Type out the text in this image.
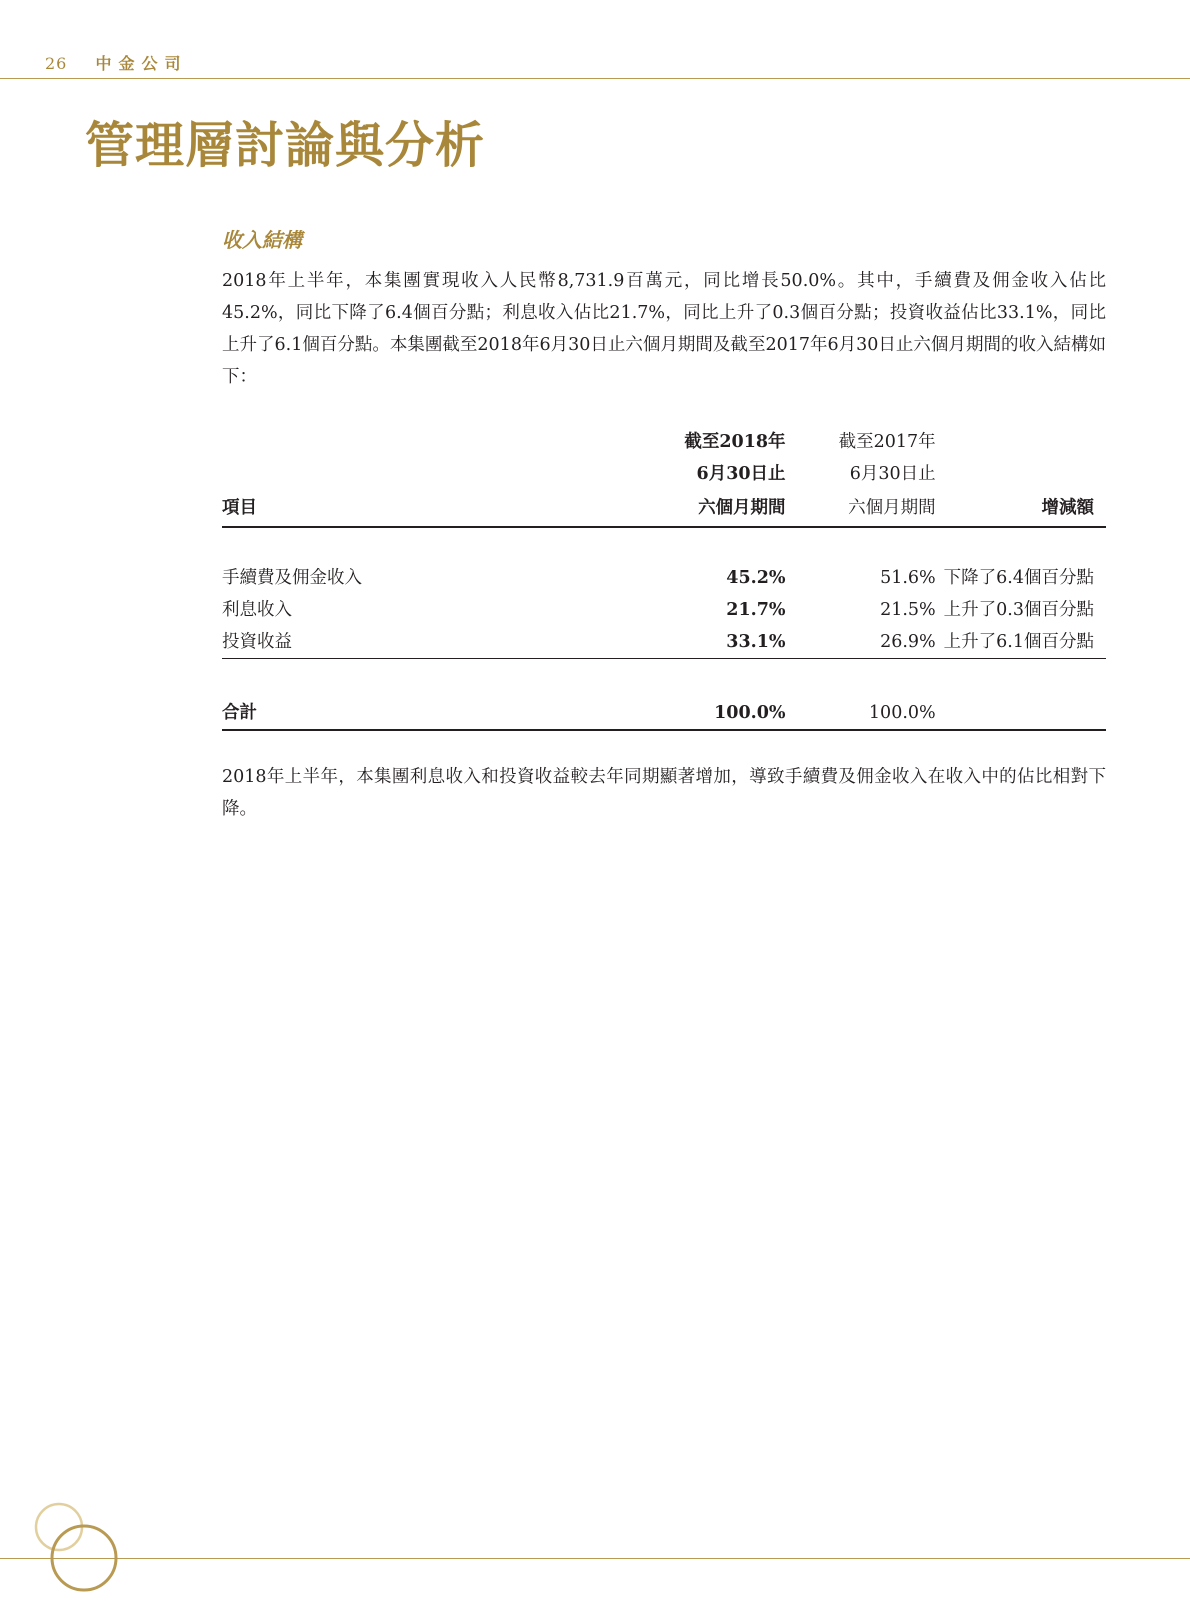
26 中金公司
管理層討論與分析
收入結構

2018年上半年，本集團實現收入人民幣8,731.9百萬元，同比增長50.0%。其中，手續費及佣金收入佔比45.2%，同比下降了6.4個百分點；利息收入佔比21.7%，同比上升了0.3個百分點；投資收益佔比33.1%，同比上升了6.1個百分點。本集團截至2018年6月30日止六個月期間及截至2017年6月30日止六個月期間的收入結構如下：

	截至2018年	截至2017年	
	6月30日止	6月30日止	
項目	六個月期間	六個月期間	增減額

手續費及佣金收入	45.2%	51.6%	下降了6.4個百分點
利息收入	21.7%	21.5%	上升了0.3個百分點
投資收益	33.1%	26.9%	上升了6.1個百分點

合計	100.0%	100.0%	

2018年上半年，本集團利息收入和投資收益較去年同期顯著增加，導致手續費及佣金收入在收入中的佔比相對下降。
